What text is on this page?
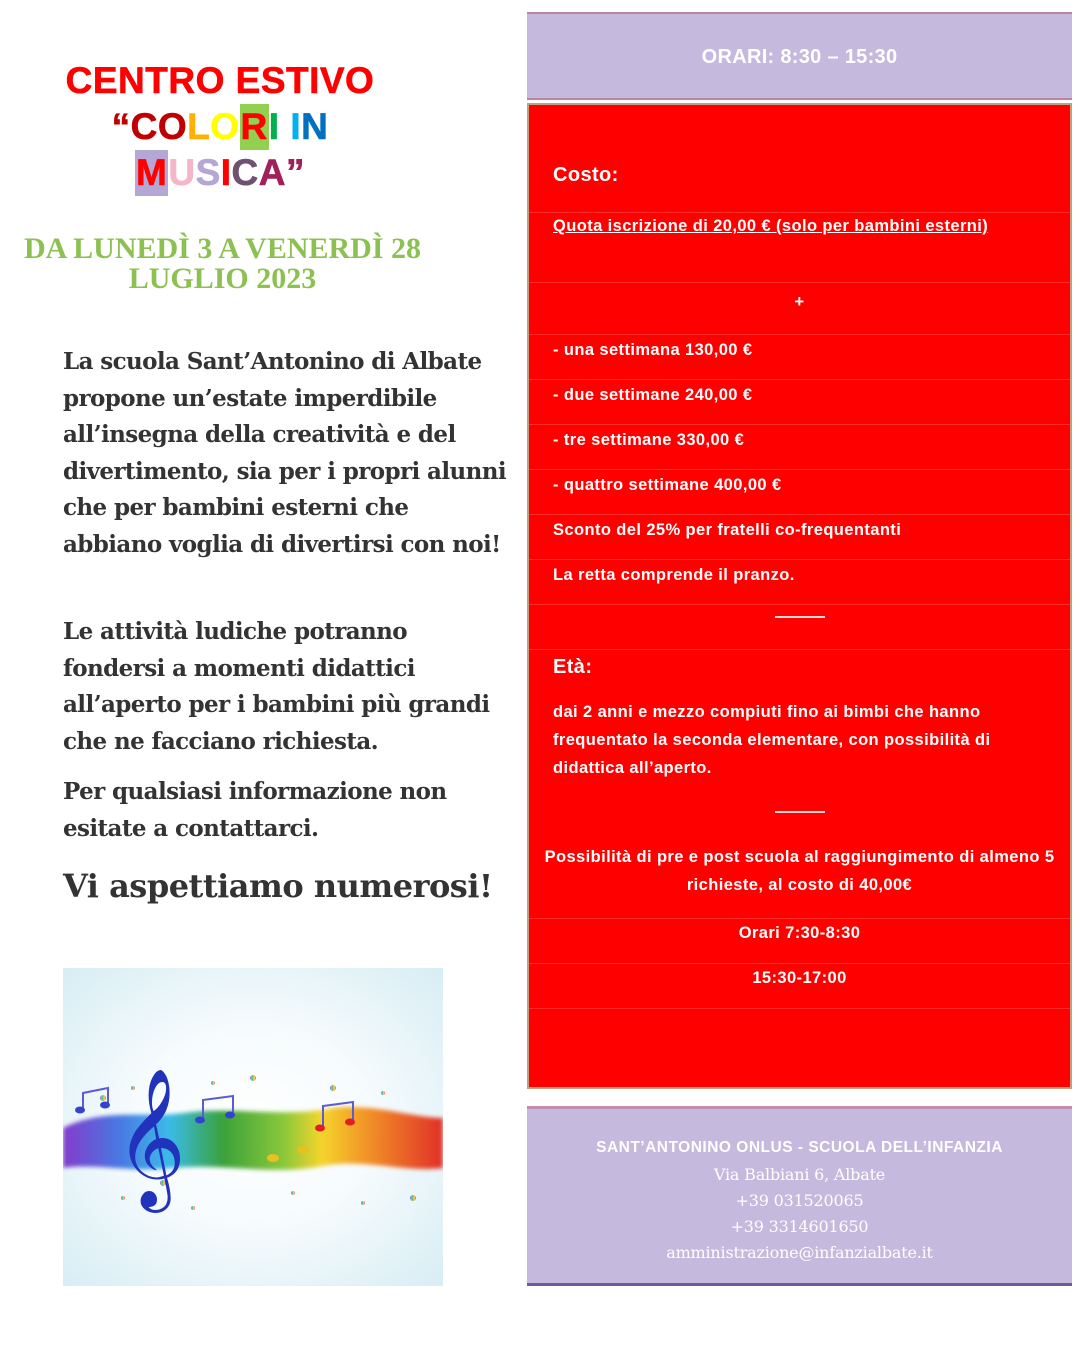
CENTRO ESTIVO
“COLORI IN
MUSICA”
DA LUNEDÌ 3 A VENERDÌ 28
LUGLIO 2023

La scuola Sant’Antonino di Albate propone un’estate imperdibile all’insegna della creatività e del divertimento, sia per i propri alunni che per bambini esterni che abbiano voglia di divertirsi con noi!

Le attività ludiche potranno fondersi a momenti didattici all’aperto per i bambini più grandi che ne facciano richiesta.

Per qualsiasi informazione non esitate a contattarci.

Vi aspettiamo numerosi!

𝄞
ORARI: 8:30 – 15:30
Costo:
Quota iscrizione di 20,00 € (solo per bambini esterni)
+
- una settimana 130,00 €
- due settimane 240,00 €
- tre settimane 330,00 €
- quattro settimane 400,00 €
Sconto del 25% per fratelli co-frequentanti
La retta comprende il pranzo.
Età:
dai 2 anni e mezzo compiuti fino ai bimbi che hanno frequentato la seconda elementare, con possibilità di didattica all’aperto.
Possibilità di pre e post scuola al raggiungimento di almeno 5 richieste, al costo di 40,00€
Orari 7:30-8:30
15:30-17:00
SANT’ANTONINO ONLUS - SCUOLA DELL’INFANZIA
Via Balbiani 6, Albate
+39 031520065
+39 3314601650
amministrazione@infanzialbate.it
